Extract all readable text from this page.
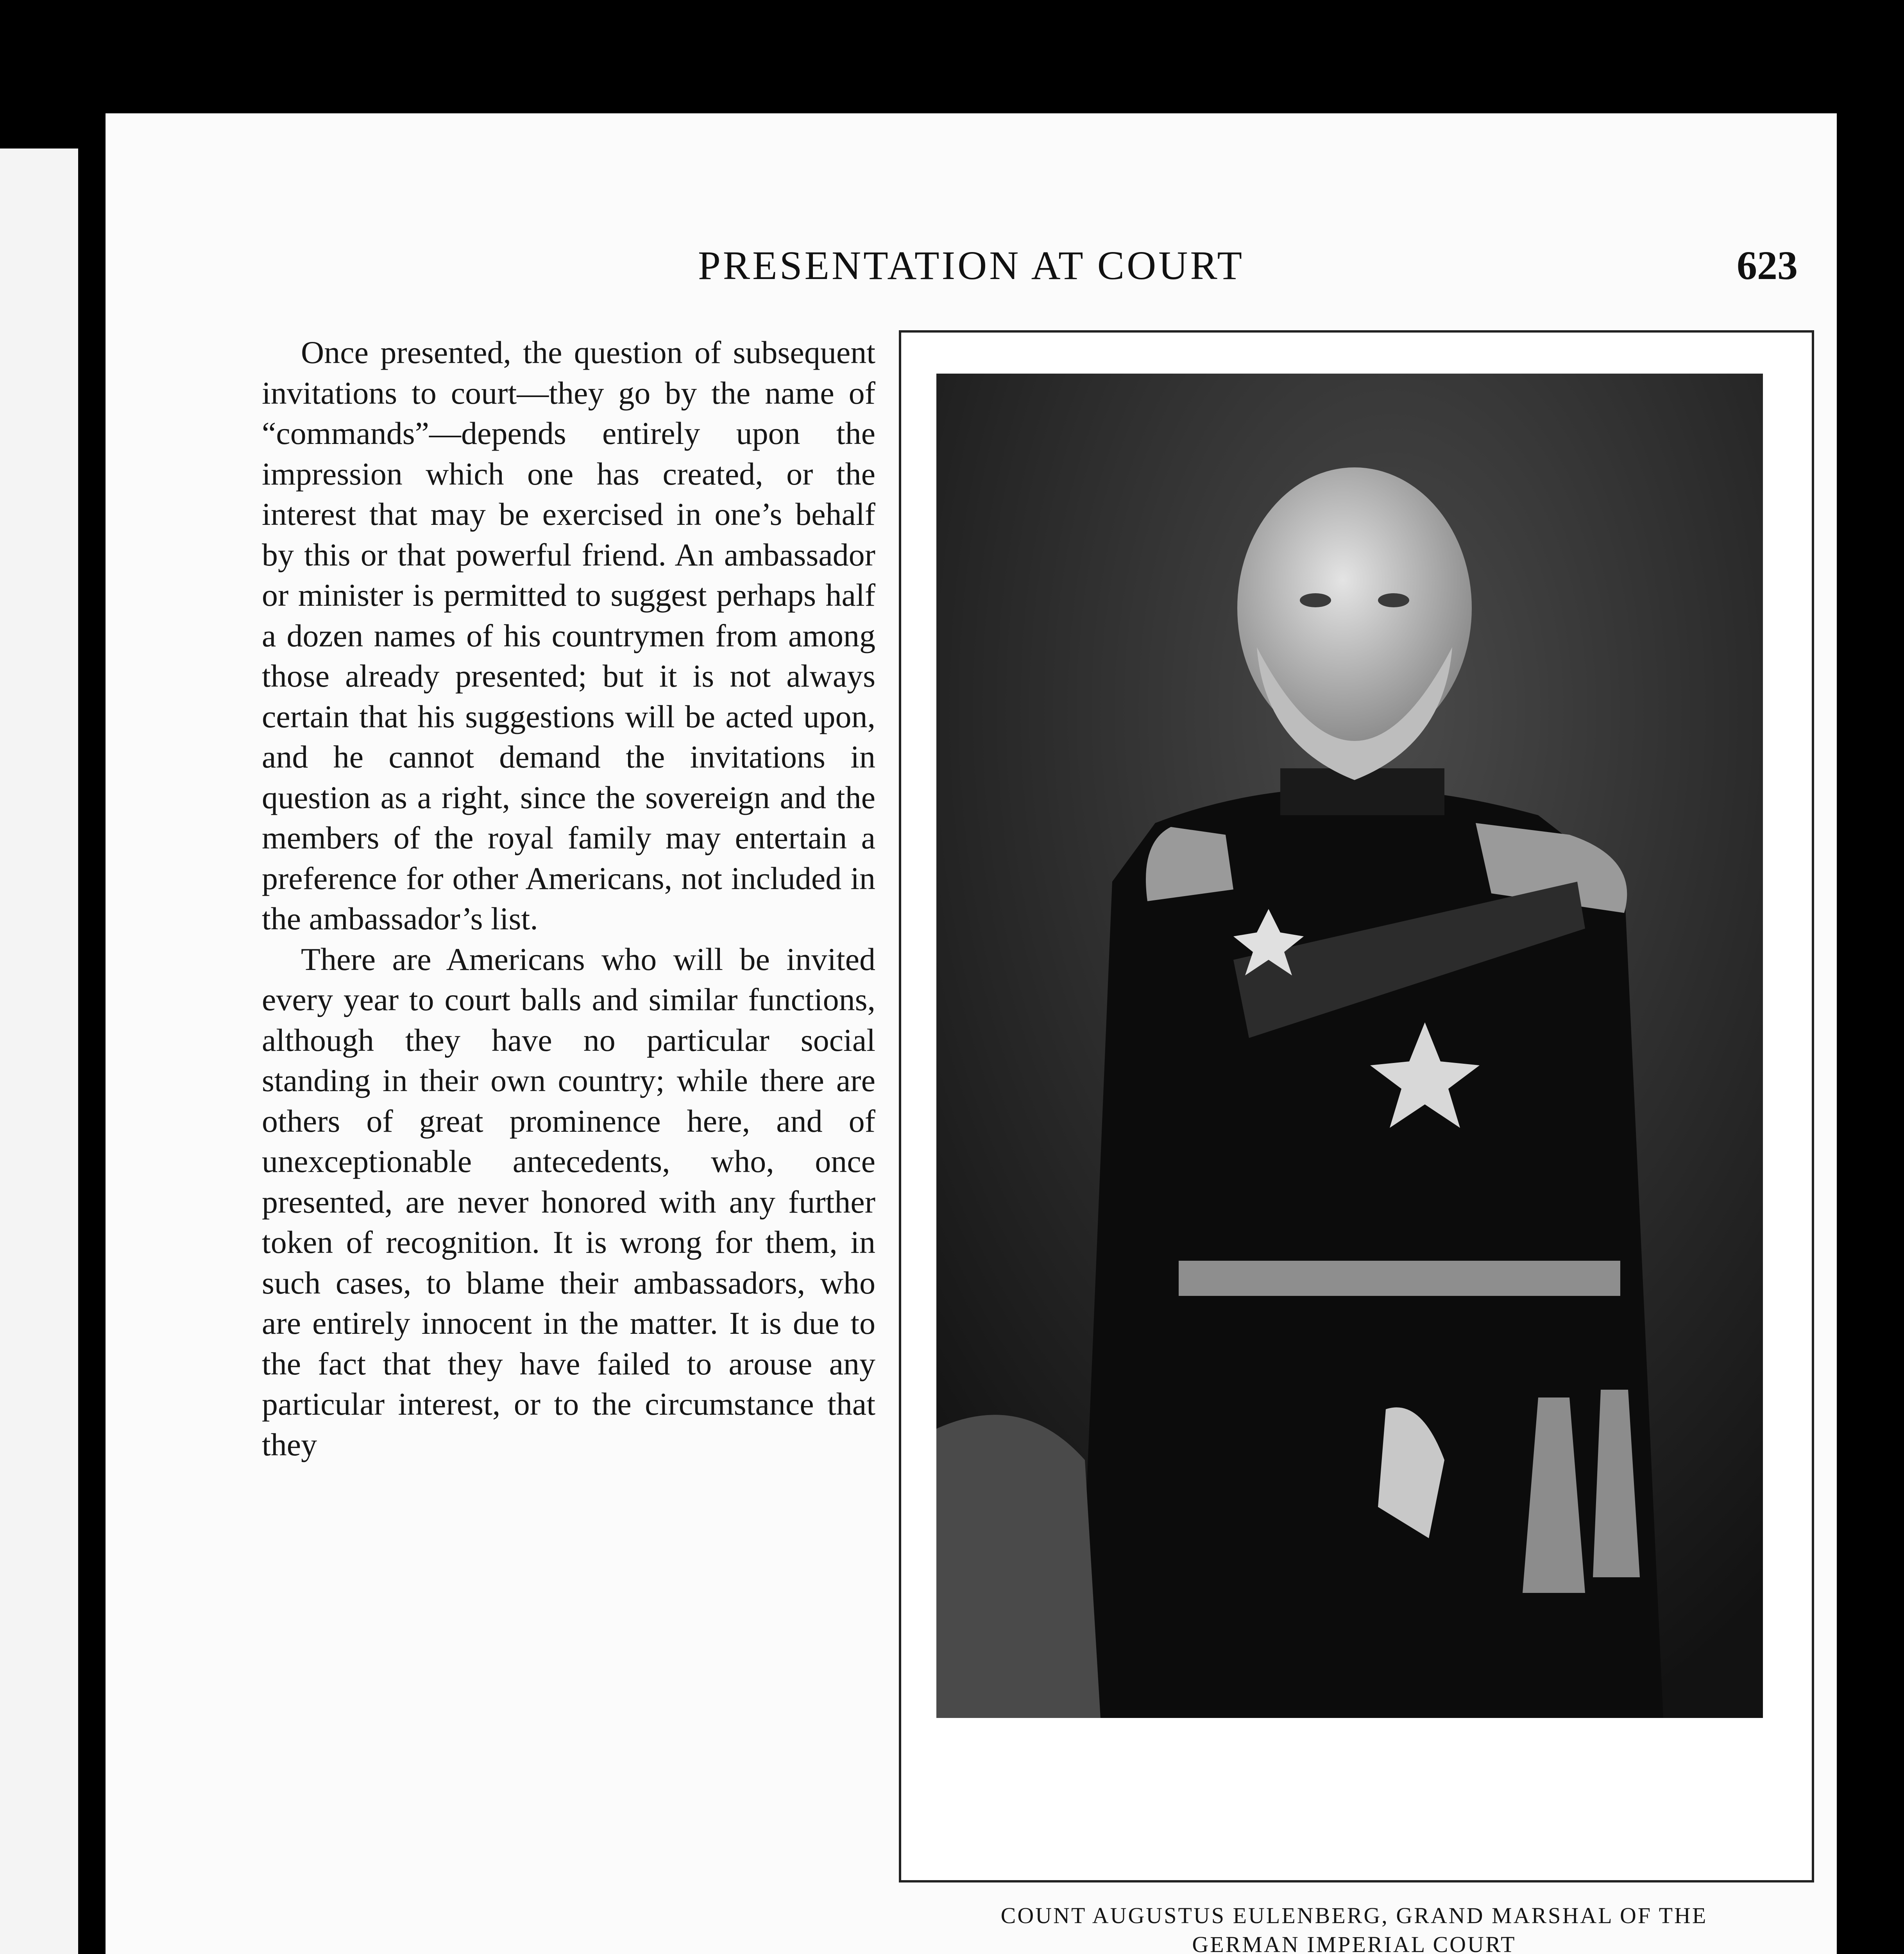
PRESENTATION AT COURT	623

Once presented, the question of subsequent invitations to court—they go by the name of “commands”—depends entirely upon the impression which one has created, or the interest that may be exercised in one’s behalf by this or that powerful friend. An ambassador or minister is permitted to suggest perhaps half a dozen names of his countrymen from among those already presented; but it is not always certain that his suggestions will be acted upon, and he cannot demand the invitations in question as a right, since the sovereign and the members of the royal family may entertain a preference for other Americans, not included in the ambassador’s list.

There are Americans who will be invited every year to court balls and similar functions, although they have no particular social standing in their own country; while there are others of great prominence here, and of unexceptionable antecedents, who, once presented, are never honored with any further token of recognition. It is wrong for them, in such cases, to blame their ambassadors, who are entirely innocent in the matter. It is due to the fact that they have failed to arouse any particular interest, or to the circumstance that they

COUNT AUGUSTUS EULENBERG, GRAND MARSHAL OF THE
GERMAN IMPERIAL COURT
